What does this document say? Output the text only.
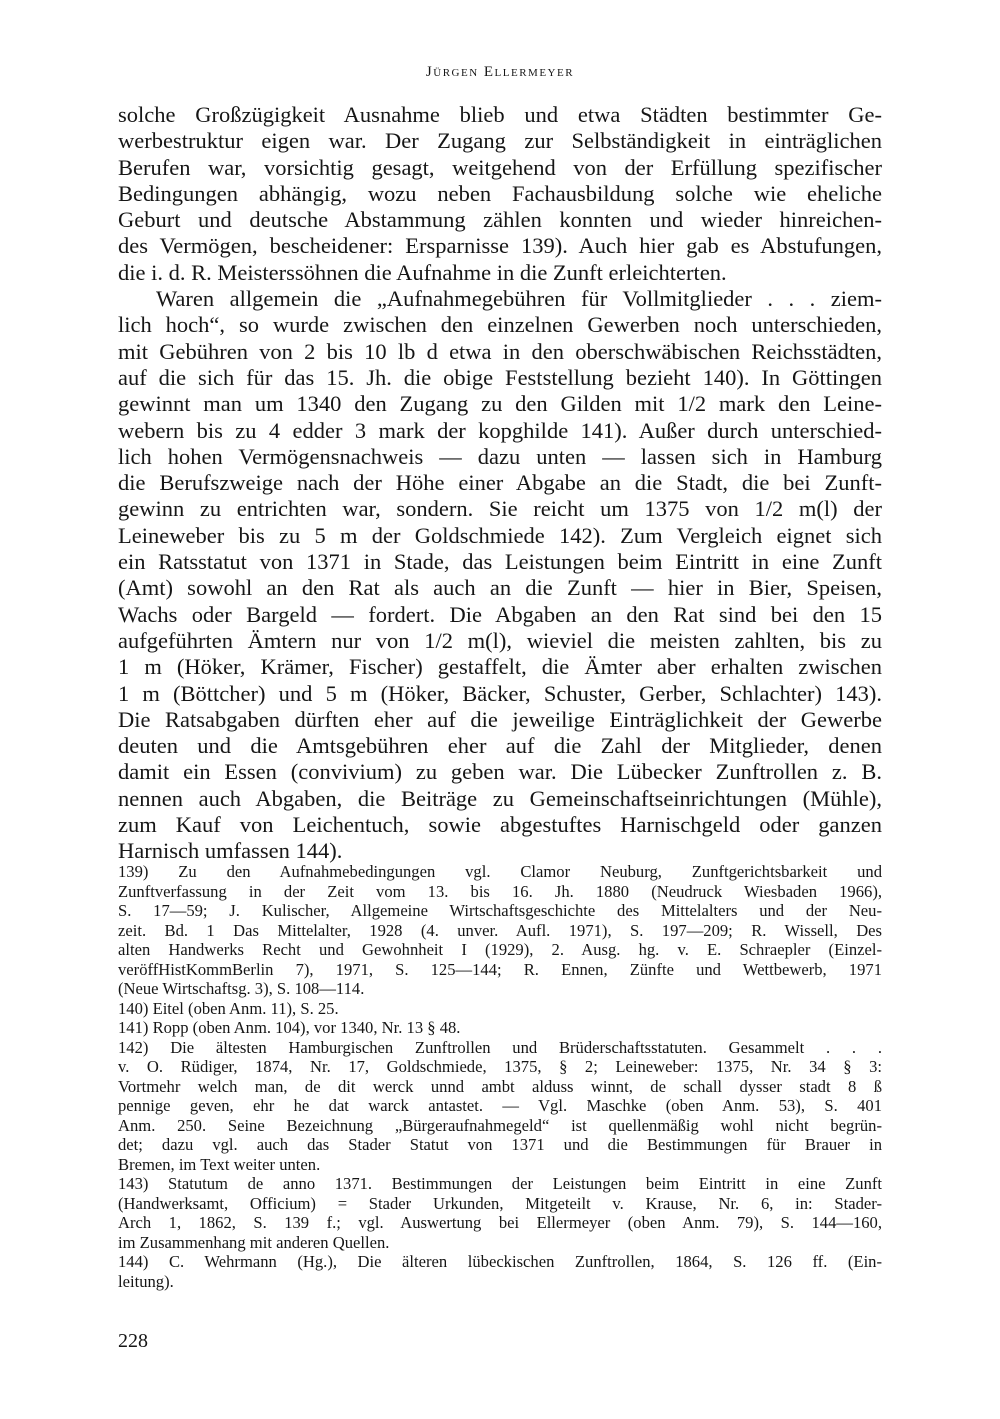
Jürgen Ellermeyer
solche Großzügigkeit Ausnahme blieb und etwa Städten bestimmter Ge-
werbestruktur eigen war. Der Zugang zur Selbständigkeit in einträglichen
Berufen war, vorsichtig gesagt, weitgehend von der Erfüllung spezifischer
Bedingungen abhängig, wozu neben Fachausbildung solche wie eheliche
Geburt und deutsche Abstammung zählen konnten und wieder hinreichen-
des Vermögen, bescheidener: Ersparnisse 139). Auch hier gab es Abstufungen,
die i. d. R. Meisterssöhnen die Aufnahme in die Zunft erleichterten.
Waren allgemein die „Aufnahmegebühren für Vollmitglieder . . . ziem-
lich hoch“, so wurde zwischen den einzelnen Gewerben noch unterschieden,
mit Gebühren von 2 bis 10 lb d etwa in den oberschwäbischen Reichsstädten,
auf die sich für das 15. Jh. die obige Feststellung bezieht 140). In Göttingen
gewinnt man um 1340 den Zugang zu den Gilden mit 1/2 mark den Leine-
webern bis zu 4 edder 3 mark der kopghilde 141). Außer durch unterschied-
lich hohen Vermögensnachweis — dazu unten — lassen sich in Hamburg
die Berufszweige nach der Höhe einer Abgabe an die Stadt, die bei Zunft-
gewinn zu entrichten war, sondern. Sie reicht um 1375 von 1/2 m(l) der
Leineweber bis zu 5 m der Goldschmiede 142). Zum Vergleich eignet sich
ein Ratsstatut von 1371 in Stade, das Leistungen beim Eintritt in eine Zunft
(Amt) sowohl an den Rat als auch an die Zunft — hier in Bier, Speisen,
Wachs oder Bargeld — fordert. Die Abgaben an den Rat sind bei den 15
aufgeführten Ämtern nur von 1/2 m(l), wieviel die meisten zahlten, bis zu
1 m (Höker, Krämer, Fischer) gestaffelt, die Ämter aber erhalten zwischen
1 m (Böttcher) und 5 m (Höker, Bäcker, Schuster, Gerber, Schlachter) 143).
Die Ratsabgaben dürften eher auf die jeweilige Einträglichkeit der Gewerbe
deuten und die Amtsgebühren eher auf die Zahl der Mitglieder, denen
damit ein Essen (convivium) zu geben war. Die Lübecker Zunftrollen z. B.
nennen auch Abgaben, die Beiträge zu Gemeinschaftseinrichtungen (Mühle),
zum Kauf von Leichentuch, sowie abgestuftes Harnischgeld oder ganzen
Harnisch umfassen 144).
139) Zu den Aufnahmebedingungen vgl. Clamor Neuburg, Zunftgerichtsbarkeit und
Zunftverfassung in der Zeit vom 13. bis 16. Jh. 1880 (Neudruck Wiesbaden 1966),
S. 17—59; J. Kulischer, Allgemeine Wirtschaftsgeschichte des Mittelalters und der Neu-
zeit. Bd. 1 Das Mittelalter, 1928 (4. unver. Aufl. 1971), S. 197—209; R. Wissell, Des
alten Handwerks Recht und Gewohnheit I (1929), 2. Ausg. hg. v. E. Schraepler (Einzel-
veröffHistKommBerlin 7), 1971, S. 125—144; R. Ennen, Zünfte und Wettbewerb, 1971
(Neue Wirtschaftsg. 3), S. 108—114.
140) Eitel (oben Anm. 11), S. 25.
141) Ropp (oben Anm. 104), vor 1340, Nr. 13 § 48.
142) Die ältesten Hamburgischen Zunftrollen und Brüderschaftsstatuten. Gesammelt . . .
v. O. Rüdiger, 1874, Nr. 17, Goldschmiede, 1375, § 2; Leineweber: 1375, Nr. 34 § 3:
Vortmehr welch man, de dit werck unnd ambt alduss winnt, de schall dysser stadt 8 ß
pennige geven, ehr he dat warck antastet. — Vgl. Maschke (oben Anm. 53), S. 401
Anm. 250. Seine Bezeichnung „Bürgeraufnahmegeld“ ist quellenmäßig wohl nicht begrün-
det; dazu vgl. auch das Stader Statut von 1371 und die Bestimmungen für Brauer in
Bremen, im Text weiter unten.
143) Statutum de anno 1371. Bestimmungen der Leistungen beim Eintritt in eine Zunft
(Handwerksamt, Officium) = Stader Urkunden, Mitgeteilt v. Krause, Nr. 6, in: Stader-
Arch 1, 1862, S. 139 f.; vgl. Auswertung bei Ellermeyer (oben Anm. 79), S. 144—160,
im Zusammenhang mit anderen Quellen.
144) C. Wehrmann (Hg.), Die älteren lübeckischen Zunftrollen, 1864, S. 126 ff. (Ein-
leitung).
228
